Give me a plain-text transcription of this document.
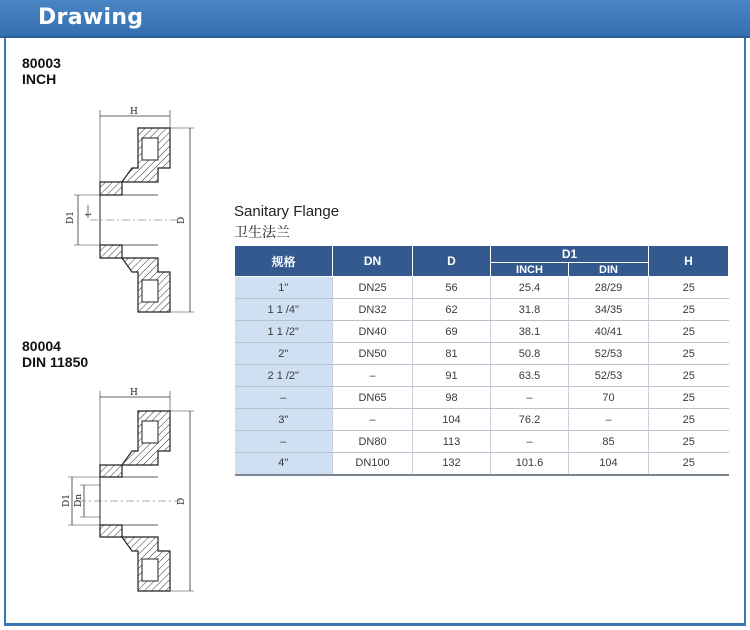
Drawing
80003
INCH
H
D
D1 t
80004
DIN 11850
H
D
D1 Dn
Sanitary Flange
卫生法兰
规格	DN	D	D1		H
			INCH	DIN	
1"	DN25	56	25.4	28/29	25
1 1 /4"	DN32	62	31.8	34/35	25
1 1 /2"	DN40	69	38.1	40/41	25
2"	DN50	81	50.8	52/53	25
2 1 /2"	–	91	63.5	52/53	25
–	DN65	98	–	70	25
3"	–	104	76.2	–	25
–	DN80	113	–	85	25
4"	DN100	132	101.6	104	25
